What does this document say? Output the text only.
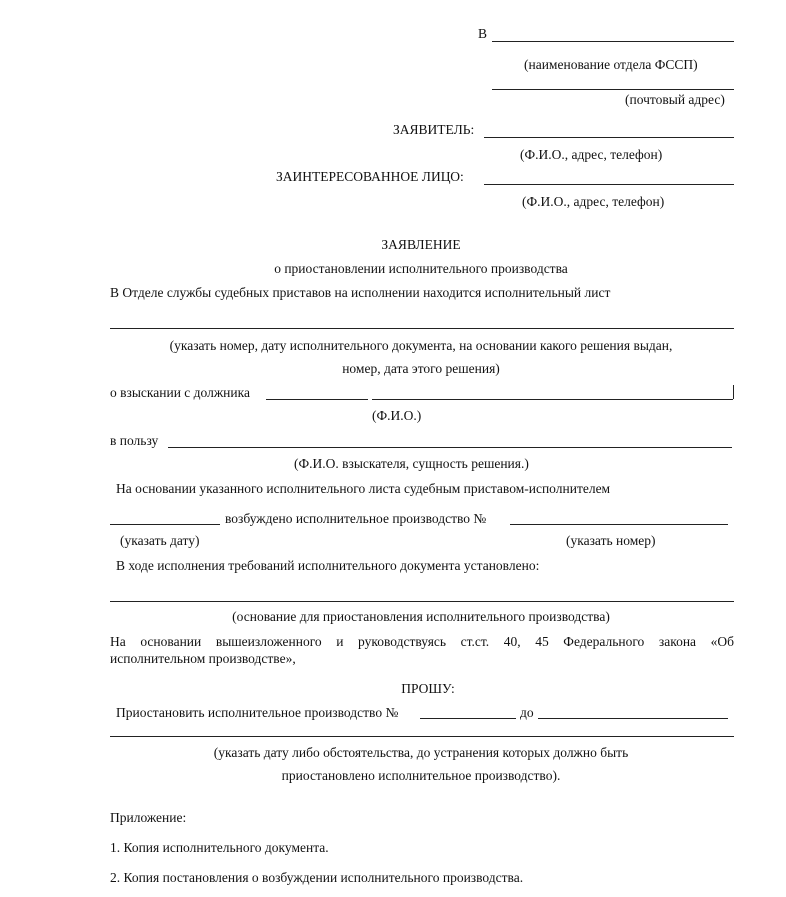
В
(наименование отдела ФССП)
(почтовый адрес)
ЗАЯВИТЕЛЬ:
(Ф.И.О., адрес, телефон)
ЗАИНТЕРЕСОВАННОЕ ЛИЦО:
(Ф.И.О., адрес, телефон)
ЗАЯВЛЕНИЕ
о приостановлении исполнительного производства
В Отделе службы судебных приставов на исполнении находится исполнительный лист
(указать номер, дату исполнительного документа, на основании какого решения выдан,
номер, дата этого решения)
о взыскании с должника
(Ф.И.О.)
в пользу
(Ф.И.О. взыскателя, сущность решения.)
На основании указанного исполнительного листа судебным приставом-исполнителем
возбуждено исполнительное производство №
(указать дату)	(указать номер)
В ходе исполнения требований исполнительного документа установлено:
(основание для приостановления исполнительного производства)
На основании вышеизложенного и руководствуясь ст.ст. 40, 45 Федерального закона «Об
исполнительном производстве»,
ПРОШУ:
Приостановить исполнительное производство №	до
(указать дату либо обстоятельства, до устранения которых должно быть
приостановлено исполнительное производство).
Приложение:
1. Копия исполнительного документа.
2. Копия постановления о возбуждении исполнительного производства.
